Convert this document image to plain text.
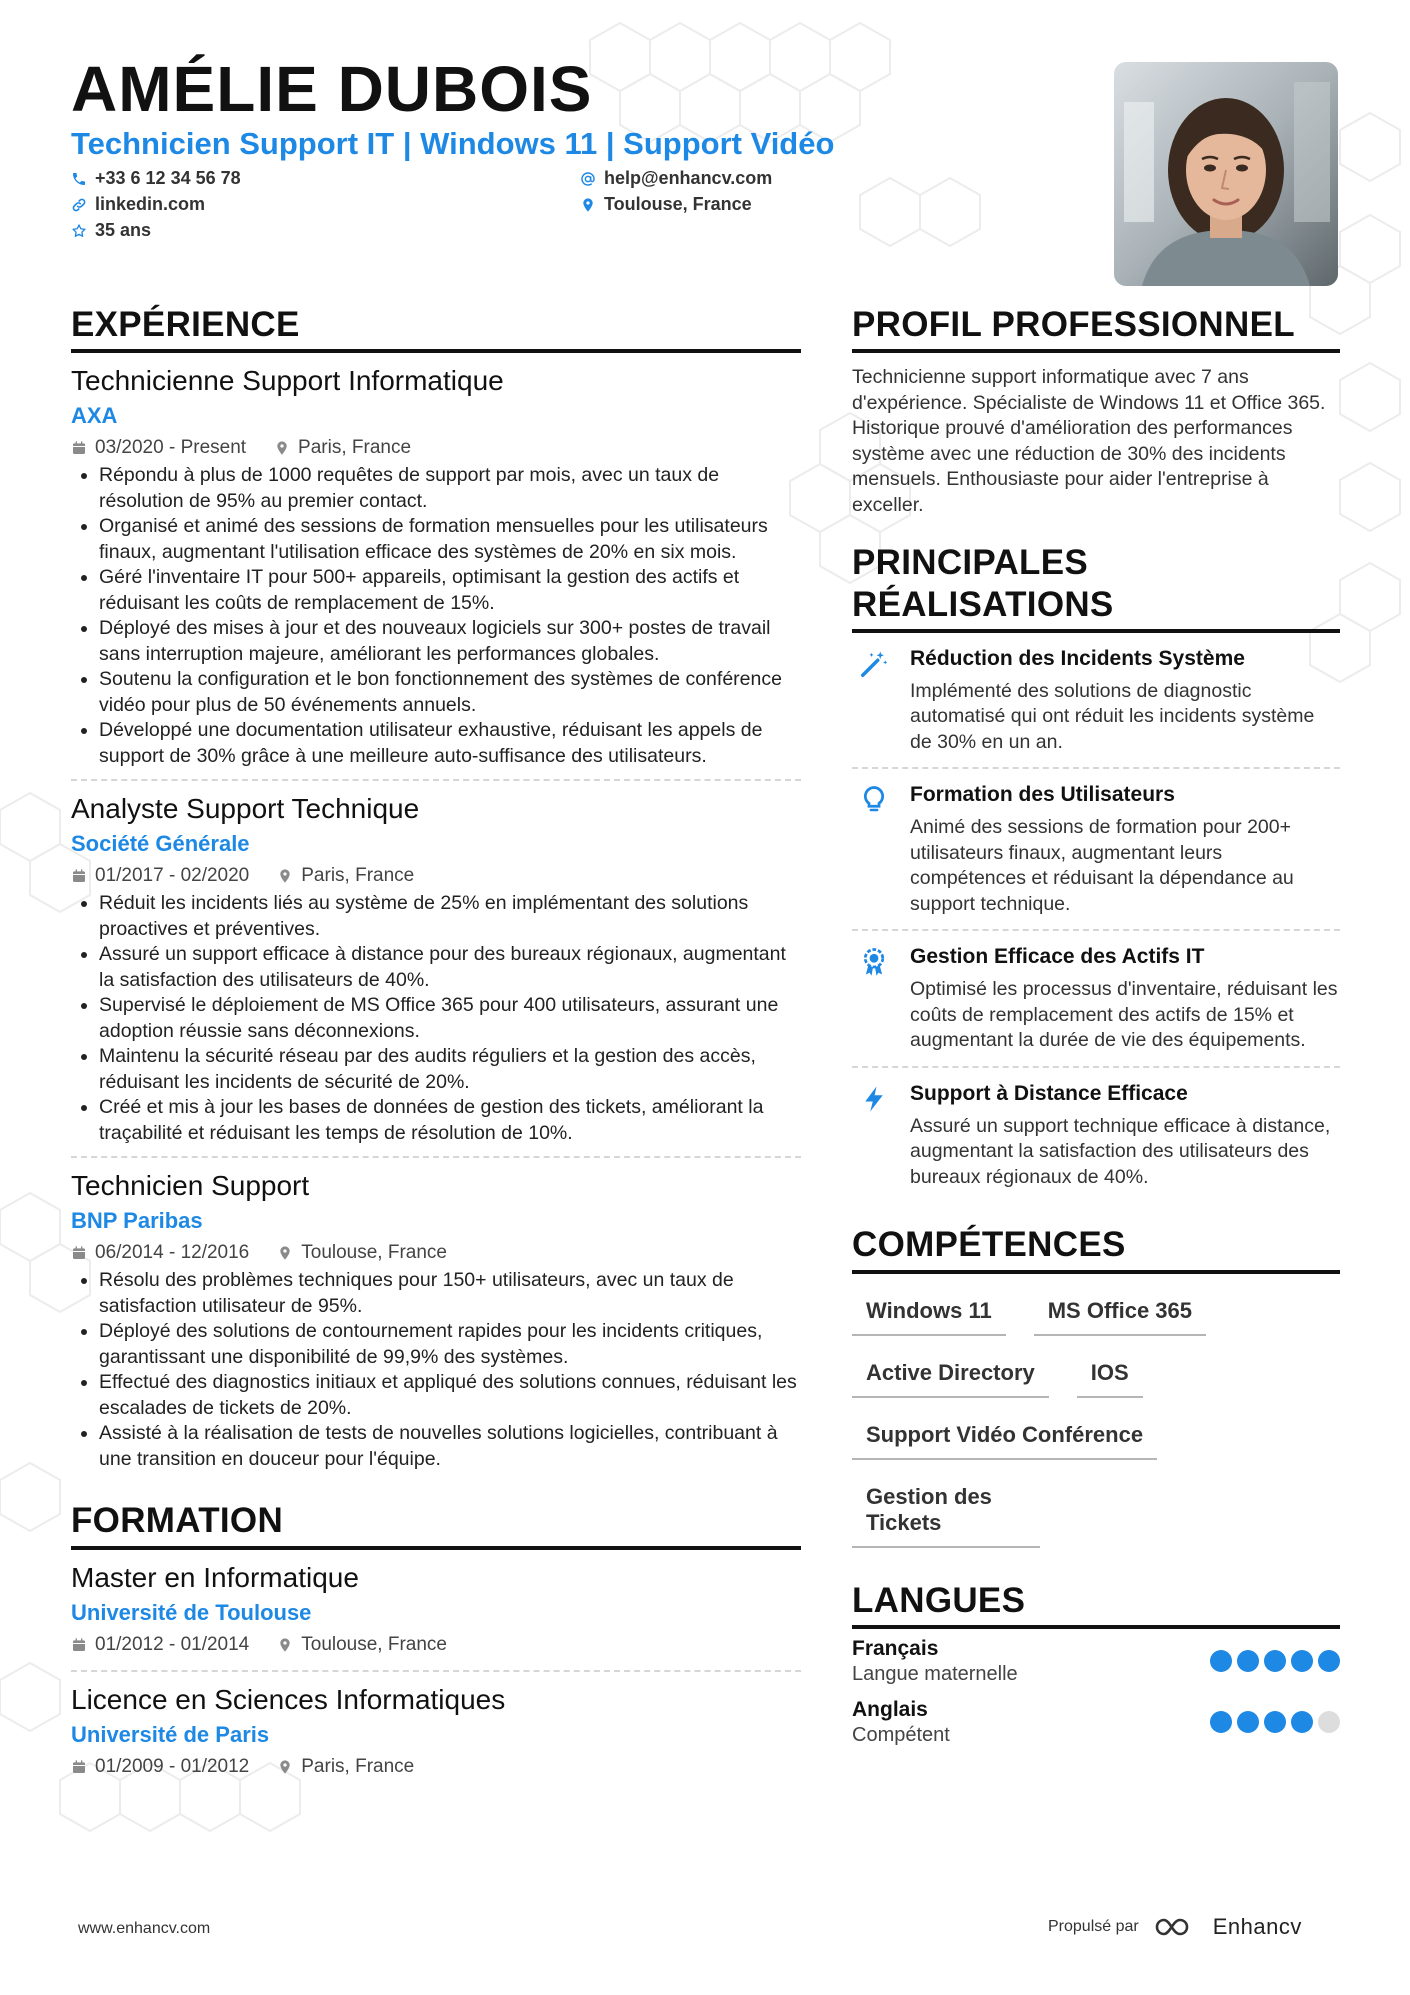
AMÉLIE DUBOIS
Technicien Support IT | Windows 11 | Support Vidéo
+33 6 12 34 56 78	help@enhancv.com
linkedin.com	Toulouse, France
35 ans
EXPÉRIENCE
Technicienne Support Informatique
AXA
03/2020 - Present	Paris, France
• Répondu à plus de 1000 requêtes de support par mois, avec un taux de résolution de 95% au premier contact.
• Organisé et animé des sessions de formation mensuelles pour les utilisateurs finaux, augmentant l'utilisation efficace des systèmes de 20% en six mois.
• Géré l'inventaire IT pour 500+ appareils, optimisant la gestion des actifs et réduisant les coûts de remplacement de 15%.
• Déployé des mises à jour et des nouveaux logiciels sur 300+ postes de travail sans interruption majeure, améliorant les performances globales.
• Soutenu la configuration et le bon fonctionnement des systèmes de conférence vidéo pour plus de 50 événements annuels.
• Développé une documentation utilisateur exhaustive, réduisant les appels de support de 30% grâce à une meilleure auto-suffisance des utilisateurs.
Analyste Support Technique
Société Générale
01/2017 - 02/2020	Paris, France
• Réduit les incidents liés au système de 25% en implémentant des solutions proactives et préventives.
• Assuré un support efficace à distance pour des bureaux régionaux, augmentant la satisfaction des utilisateurs de 40%.
• Supervisé le déploiement de MS Office 365 pour 400 utilisateurs, assurant une adoption réussie sans déconnexions.
• Maintenu la sécurité réseau par des audits réguliers et la gestion des accès, réduisant les incidents de sécurité de 20%.
• Créé et mis à jour les bases de données de gestion des tickets, améliorant la traçabilité et réduisant les temps de résolution de 10%.
Technicien Support
BNP Paribas
06/2014 - 12/2016	Toulouse, France
• Résolu des problèmes techniques pour 150+ utilisateurs, avec un taux de satisfaction utilisateur de 95%.
• Déployé des solutions de contournement rapides pour les incidents critiques, garantissant une disponibilité de 99,9% des systèmes.
• Effectué des diagnostics initiaux et appliqué des solutions connues, réduisant les escalades de tickets de 20%.
• Assisté à la réalisation de tests de nouvelles solutions logicielles, contribuant à une transition en douceur pour l'équipe.
FORMATION
Master en Informatique
Université de Toulouse
01/2012 - 01/2014	Toulouse, France
Licence en Sciences Informatiques
Université de Paris
01/2009 - 01/2012	Paris, France
PROFIL PROFESSIONNEL
Technicienne support informatique avec 7 ans d'expérience. Spécialiste de Windows 11 et Office 365. Historique prouvé d'amélioration des performances système avec une réduction de 30% des incidents mensuels. Enthousiaste pour aider l'entreprise à exceller.
PRINCIPALES RÉALISATIONS
Réduction des Incidents Système
Implémenté des solutions de diagnostic automatisé qui ont réduit les incidents système de 30% en un an.
Formation des Utilisateurs
Animé des sessions de formation pour 200+ utilisateurs finaux, augmentant leurs compétences et réduisant la dépendance au support technique.
Gestion Efficace des Actifs IT
Optimisé les processus d'inventaire, réduisant les coûts de remplacement des actifs de 15% et augmentant la durée de vie des équipements.
Support à Distance Efficace
Assuré un support technique efficace à distance, augmentant la satisfaction des utilisateurs des bureaux régionaux de 40%.
COMPÉTENCES
Windows 11	MS Office 365
Active Directory	IOS
Support Vidéo Conférence
Gestion des Tickets
LANGUES
Français
Langue maternelle
Anglais
Compétent
www.enhancv.com	Propulsé par	Enhancv
